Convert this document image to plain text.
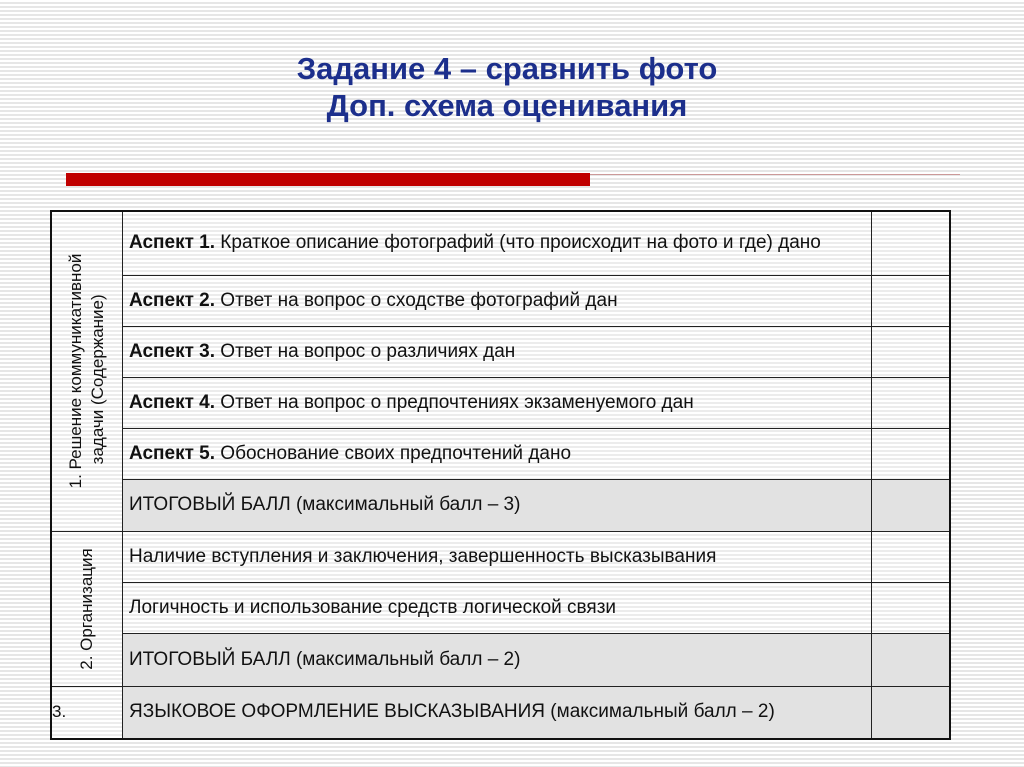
Задание 4 – сравнить фото
Доп. схема оценивания
1. Решение коммуникативной задачи (Содержание)	Аспект 1. Краткое описание фотографий (что происходит на фото и где) дано	
	Аспект 2. Ответ на вопрос о сходстве фотографий дан	
	Аспект 3. Ответ на вопрос о различиях дан	
	Аспект 4. Ответ на вопрос о предпочтениях экзаменуемого дан	
	Аспект 5. Обоснование своих предпочтений дано	
	ИТОГОВЫЙ БАЛЛ (максимальный балл – 3)	

2. Организация	Наличие вступления и заключения, завершенность высказывания	
	Логичность и использование средств логической связи	
	ИТОГОВЫЙ БАЛЛ (максимальный балл – 2)	
3.	ЯЗЫКОВОЕ ОФОРМЛЕНИЕ ВЫСКАЗЫВАНИЯ (максимальный балл – 2)	
